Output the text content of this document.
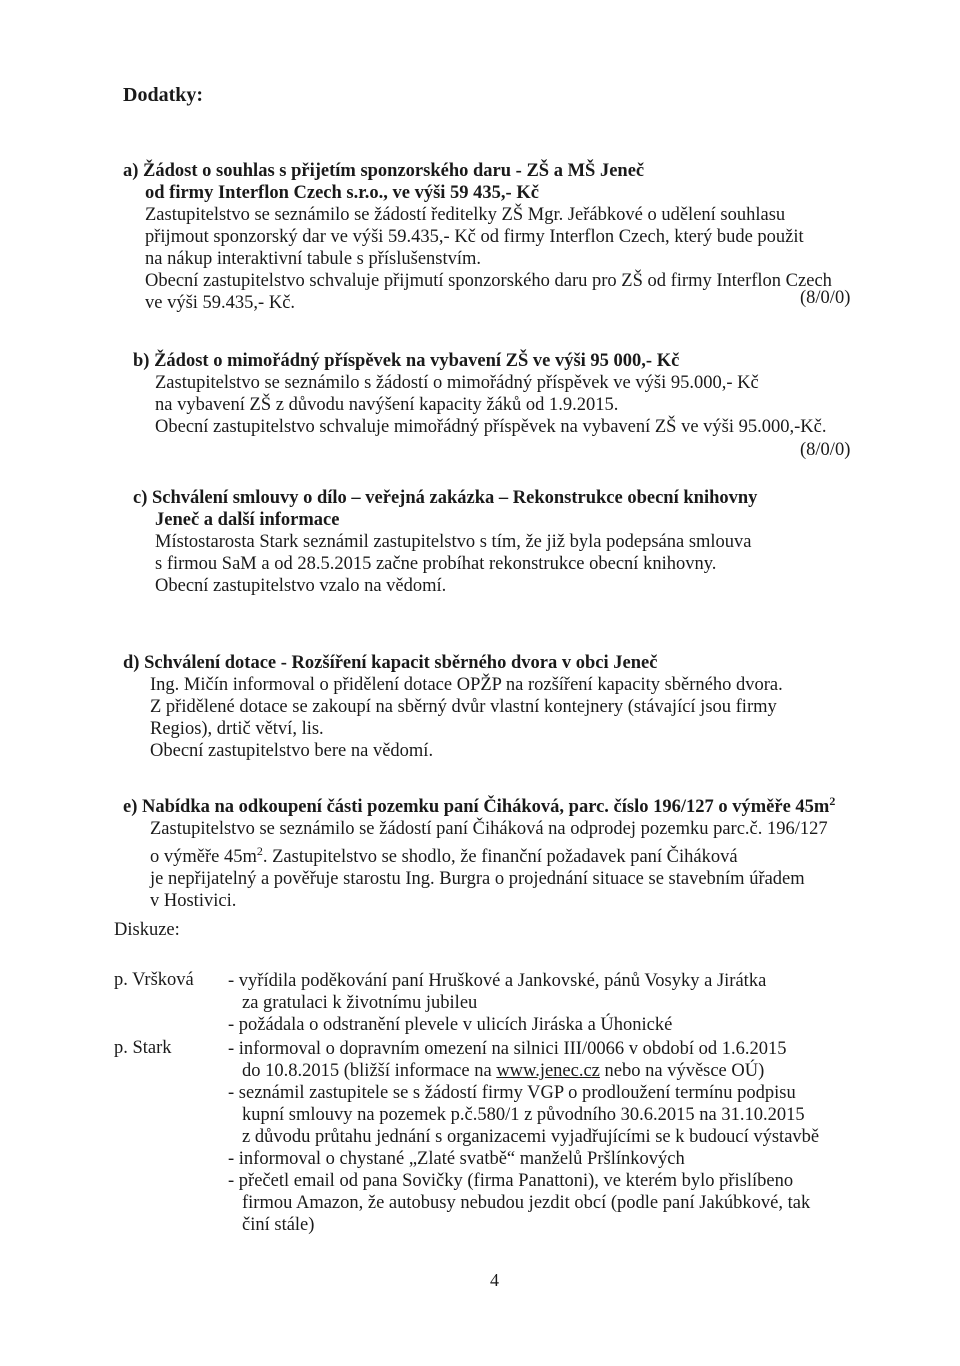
Dodatky:
a) Žádost o souhlas s přijetím sponzorského daru - ZŠ a MŠ Jeneč
od firmy Interflon Czech s.r.o., ve výši 59 435,- Kč
Zastupitelstvo se seznámilo se žádostí ředitelky ZŠ Mgr. Jeřábkové o udělení souhlasu
přijmout sponzorský dar ve výši 59.435,- Kč od firmy Interflon Czech, který bude použit
na nákup interaktivní tabule s příslušenstvím.
Obecní zastupitelstvo schvaluje přijmutí sponzorského daru pro ZŠ od firmy Interflon Czech
ve výši 59.435,- Kč.	(8/0/0)
b) Žádost o mimořádný příspěvek na vybavení ZŠ ve výši 95 000,- Kč
Zastupitelstvo se seznámilo s žádostí o mimořádný příspěvek ve výši 95.000,- Kč
na vybavení ZŠ z důvodu navýšení kapacity žáků od 1.9.2015.
Obecní zastupitelstvo schvaluje mimořádný příspěvek na vybavení ZŠ ve výši 95.000,-Kč.
(8/0/0)
c) Schválení smlouvy o dílo – veřejná zakázka – Rekonstrukce obecní knihovny
Jeneč a další informace
Místostarosta Stark seznámil zastupitelstvo s tím, že již byla podepsána smlouva
s firmou SaM a od 28.5.2015 začne probíhat rekonstrukce obecní knihovny.
Obecní zastupitelstvo vzalo na vědomí.
d) Schválení dotace - Rozšíření kapacit sběrného dvora v obci Jeneč
Ing. Mičín informoval o přidělení dotace OPŽP na rozšíření kapacity sběrného dvora.
Z přidělené dotace se zakoupí na sběrný dvůr vlastní kontejnery (stávající jsou firmy
Regios), drtič větví, lis.
Obecní zastupitelstvo bere na vědomí.
e) Nabídka na odkoupení části pozemku paní Čiháková, parc. číslo 196/127 o výměře $45m^2$
Zastupitelstvo se seznámilo se žádostí paní Čiháková na odprodej pozemku parc.č. 196/127
o výměře $45m^2$. Zastupitelstvo se shodlo, že finanční požadavek paní Čiháková
je nepřijatelný a pověřuje starostu Ing. Burgra o projednání situace se stavebním úřadem
v Hostivici.
Diskuze:
p. Vršková - vyřídila poděkování paní Hruškové a Jankovské, pánů Vosyky a Jirátka
za gratulaci k životnímu jubileu
- požádala o odstranění plevele v ulicích Jiráska a Úhonické
p. Stark	- informoval o dopravním omezení na silnici III/0066 v období od 1.6.2015
do 10.8.2015 (bližší informace na www.jenec.cz nebo na vývěsce OÚ)
- seznámil zastupitele se s žádostí firmy VGP o prodloužení termínu podpisu
kupní smlouvy na pozemek p.č.580/1 z původního 30.6.2015 na 31.10.2015
z důvodu průtahu jednání s organizacemi vyjadřujícími se k budoucí výstavbě
- informoval o chystané „Zlaté svatbě“ manželů Pršlínkových
- přečetl email od pana Sovičky (firma Panattoni), ve kterém bylo přislíbeno
firmou Amazon, že autobusy nebudou jezdit obcí (podle paní Jakúbkové, tak
činí stále)
4
